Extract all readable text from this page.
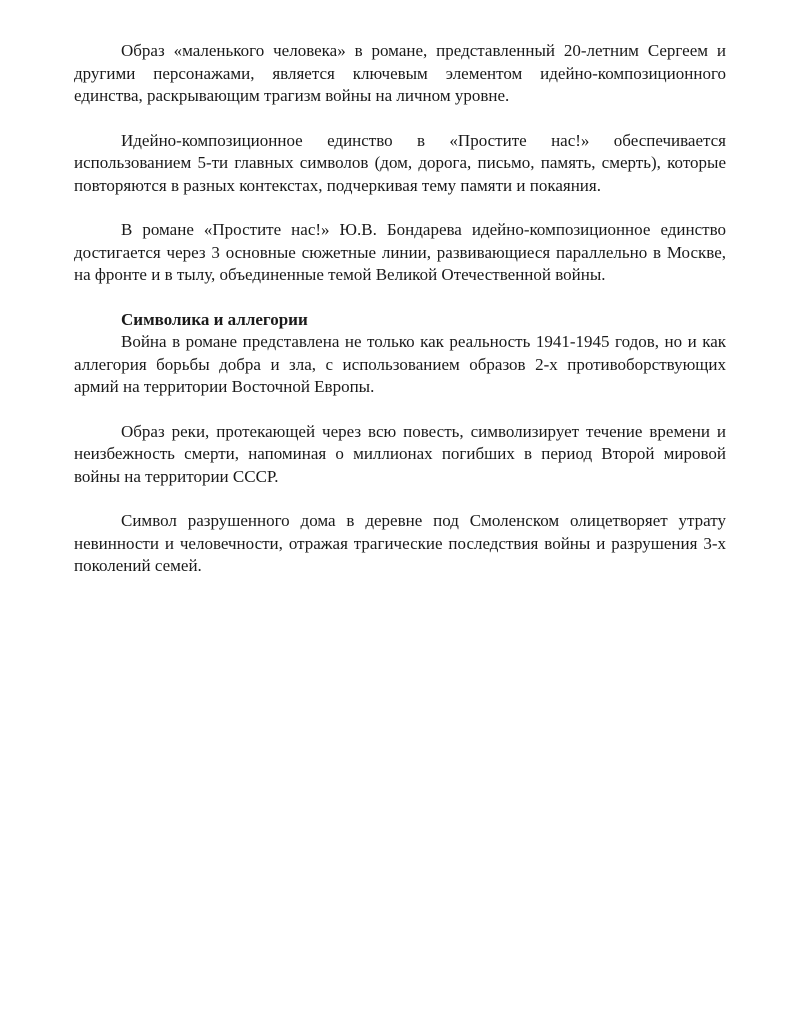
Образ «маленького человека» в романе, представленный 20-летним Сергеем и другими персонажами, является ключевым элементом идейно-композиционного единства, раскрывающим трагизм войны на личном уровне.

Идейно-композиционное единство в «Простите нас!» обеспечивается использованием 5-ти главных символов (дом, дорога, письмо, память, смерть), которые повторяются в разных контекстах, подчеркивая тему памяти и покаяния.

В романе «Простите нас!» Ю.В. Бондарева идейно-композиционное единство достигается через 3 основные сюжетные линии, развивающиеся параллельно в Москве, на фронте и в тылу, объединенные темой Великой Отечественной войны.

Символика и аллегории

Война в романе представлена не только как реальность 1941-1945 годов, но и как аллегория борьбы добра и зла, с использованием образов 2-х противоборствующих армий на территории Восточной Европы.

Образ реки, протекающей через всю повесть, символизирует течение времени и неизбежность смерти, напоминая о миллионах погибших в период Второй мировой войны на территории СССР.

Символ разрушенного дома в деревне под Смоленском олицетворяет утрату невинности и человечности, отражая трагические последствия войны и разрушения 3-х поколений семей.
